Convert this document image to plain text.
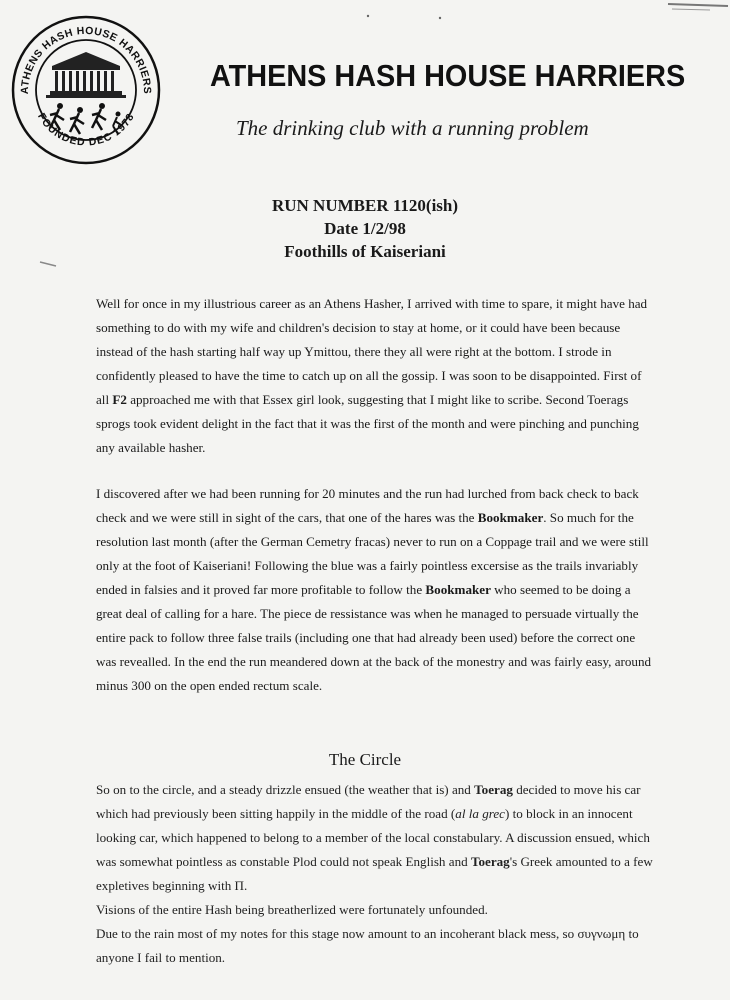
ATHENS HASH HOUSE HARRIERS
FOUNDED DEC 1978
ATHENS HASH HOUSE HARRIERS
The drinking club with a running problem
RUN NUMBER 1120(ish)
Date 1/2/98
Foothills of Kaiseriani

Well for once in my illustrious career as an Athens Hasher, I arrived with time to spare, it might have had something to do with my wife and children's decision to stay at home, or it could have been because instead of the hash starting half way up Ymittou, there they all were right at the bottom. I strode in confidently pleased to have the time to catch up on all the gossip. I was soon to be disappointed. First of all F2 approached me with that Essex girl look, suggesting that I might like to scribe. Second Toerags sprogs took evident delight in the fact that it was the first of the month and were pinching and punching any available hasher.

I discovered after we had been running for 20 minutes and the run had lurched from back check to back check and we were still in sight of the cars, that one of the hares was the Bookmaker. So much for the resolution last month (after the German Cemetry fracas) never to run on a Coppage trail and we were still only at the foot of Kaiseriani! Following the blue was a fairly pointless excersise as the trails invariably ended in falsies and it proved far more profitable to follow the Bookmaker who seemed to be doing a great deal of calling for a hare. The piece de ressistance was when he managed to persuade virtually the entire pack to follow three false trails (including one that had already been used) before the correct one was revealled. In the end the run meandered down at the back of the monestry and was fairly easy, around minus 300 on the open ended rectum scale.

The Circle

So on to the circle, and a steady drizzle ensued (the weather that is) and Toerag decided to move his car which had previously been sitting happily in the middle of the road (al la grec) to block in an innocent looking car, which happened to belong to a member of the local constabulary. A discussion ensued, which was somewhat pointless as constable Plod could not speak English and Toerag's Greek amounted to a few expletives beginning with Π.

Visions of the entire Hash being breatherlized were fortunately unfounded.

Due to the rain most of my notes for this stage now amount to an incoherant black mess, so συγνωμη to anyone I fail to mention.
